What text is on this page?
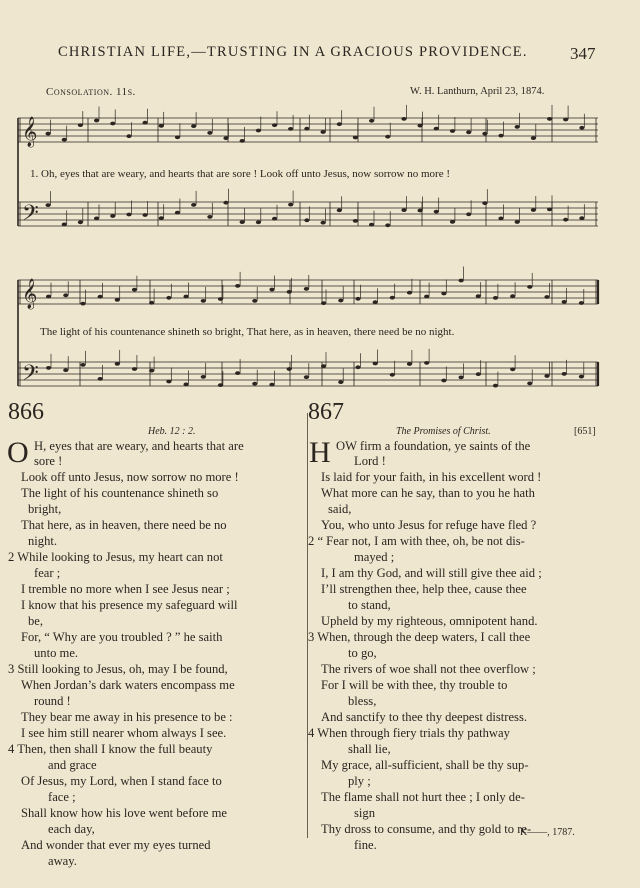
CHRISTIAN LIFE,—TRUSTING IN A GRACIOUS PROVIDENCE. 347
Consolation. 11s.	W. H. Lanthurn, April 23, 1874.
𝄞
𝄢
𝄞
𝄢
1. Oh, eyes that are weary, and hearts that are sore ! Look off unto Jesus, now sorrow no more !
The light of his countenance shineth so bright, That here, as in heaven, there need be no night.
866
Heb. 12 : 2.
O H, eyes that are weary, and hearts that are
sore !
Look off unto Jesus, now sorrow no more !
The light of his countenance shineth so
bright,
That here, as in heaven, there need be no
night.
2 While looking to Jesus, my heart can not
fear ;
I tremble no more when I see Jesus near ;
I know that his presence my safeguard will
be,
For, “ Why are you troubled ? ” he saith
unto me.
3 Still looking to Jesus, oh, may I be found,
When Jordan’s dark waters encompass me
round !
They bear me away in his presence to be :
I see him still nearer whom always I see.
4 Then, then shall I know the full beauty
and grace
Of Jesus, my Lord, when I stand face to
face ;
Shall know how his love went before me
each day,
And wonder that ever my eyes turned
away.
867
The Promises of Christ.	[651]
H OW firm a foundation, ye saints of the
Lord !
Is laid for your faith, in his excellent word !
What more can he say, than to you he hath
said,
You, who unto Jesus for refuge have fled ?
2 “ Fear not, I am with thee, oh, be not dis-
mayed ;
I, I am thy God, and will still give thee aid ;
I’ll strengthen thee, help thee, cause thee
to stand,
Upheld by my righteous, omnipotent hand.
3 When, through the deep waters, I call thee
to go,
The rivers of woe shall not thee overflow ;
For I will be with thee, thy trouble to
bless,
And sanctify to thee thy deepest distress.
4 When through fiery trials thy pathway
shall lie,
My grace, all-sufficient, shall be thy sup-
ply ;
The flame shall not hurt thee ; I only de-
sign
Thy dross to consume, and thy gold to re-
fine.
K——, 1787.
